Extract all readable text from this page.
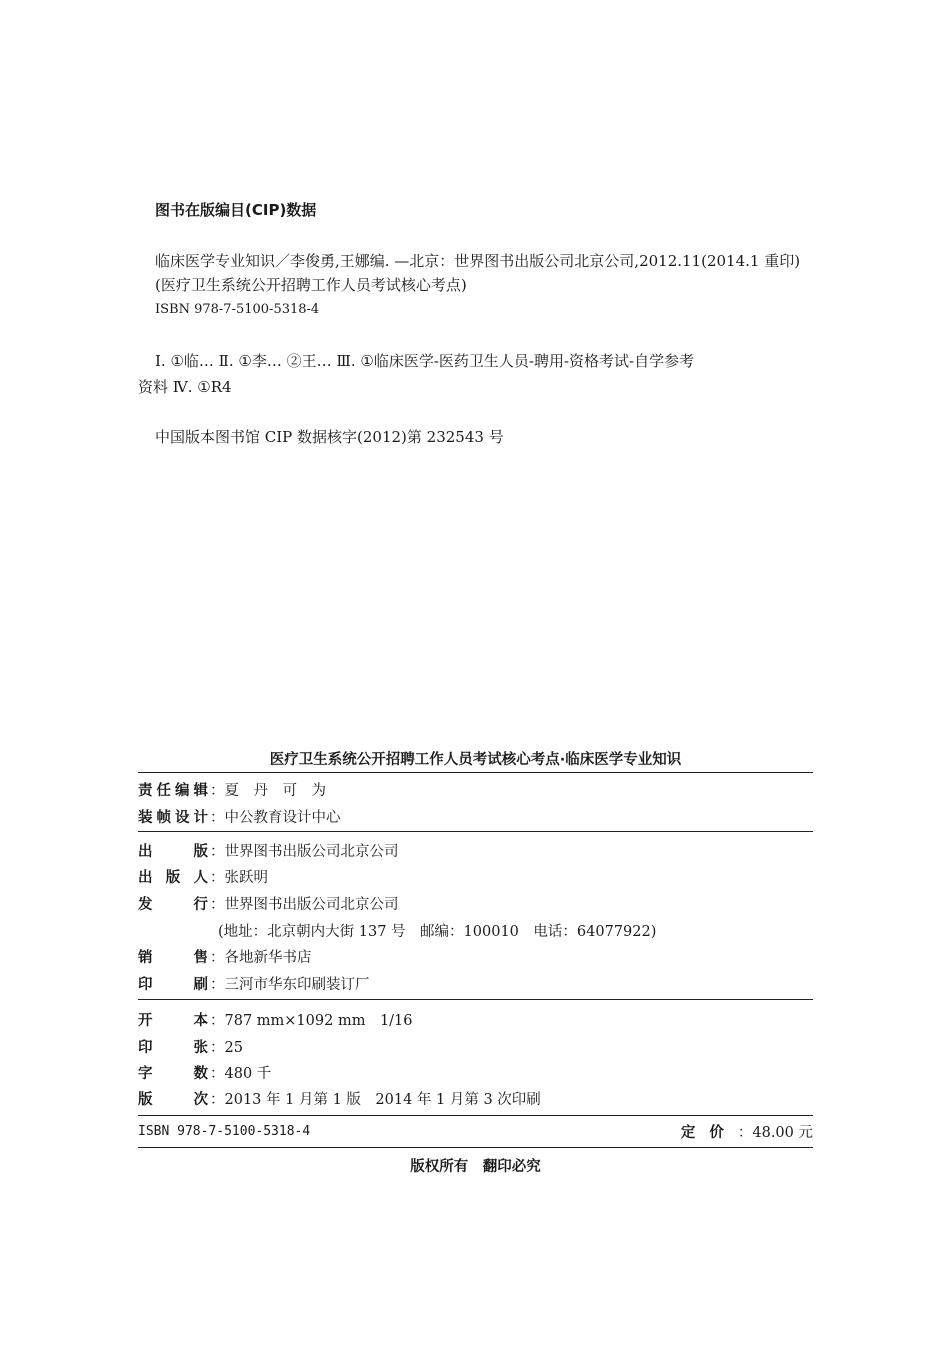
图书在版编目(CIP)数据
临床医学专业知识／李俊勇,王娜编. —北京：世界图书出版公司北京公司,2012.11(2014.1 重印)
(医疗卫生系统公开招聘工作人员考试核心考点)
ISBN 978-7-5100-5318-4
Ⅰ. ①临… Ⅱ. ①李… ②王… Ⅲ. ①临床医学-医药卫生人员-聘用-资格考试-自学参考
资料 Ⅳ. ①R4
中国版本图书馆 CIP 数据核字(2012)第 232543 号
医疗卫生系统公开招聘工作人员考试核心考点·临床医学专业知识
责 任 编 辑 ：夏　丹　可　为
装 帧 设 计 ：中公教育设计中心
出	版 ：世界图书出版公司北京公司
出 版 人 ：张跃明
发	行 ：世界图书出版公司北京公司
(地址：北京朝内大街 137 号　邮编：100010　电话：64077922)
销	售 ：各地新华书店
印	刷 ：三河市华东印刷装订厂
开	本 ：787 mm×1092 mm　1/16
印	张 ：25
字	数 ：480 千
版	次 ：2013 年 1 月第 1 版　2014 年 1 月第 3 次印刷
ISBN 978-7-5100-5318-4	定价：48.00 元
版权所有　翻印必究
